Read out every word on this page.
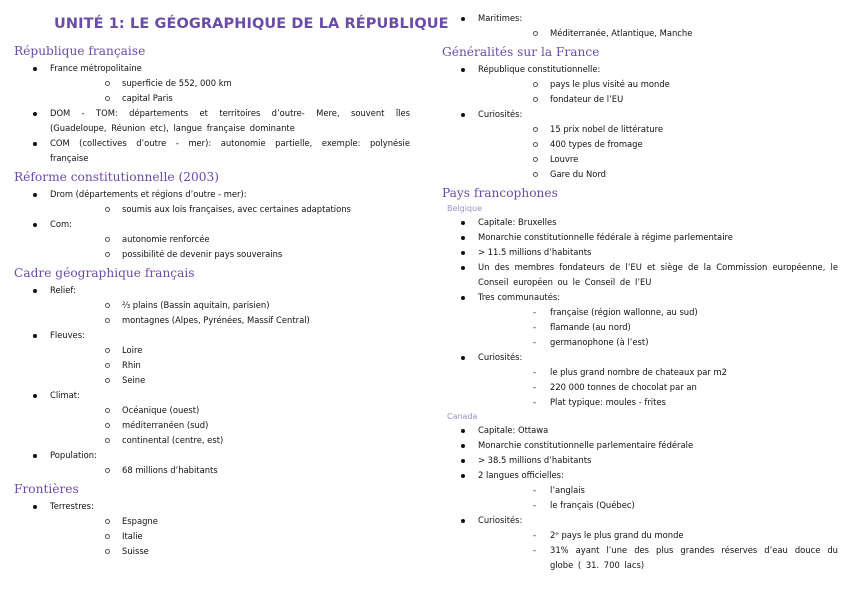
UNITÉ 1: LE GÉOGRAPHIQUE DE LA RÉPUBLIQUE
République française
France métropolitaine
superficie de 552, 000 km
capital Paris
DOM - TOM: départements et territoires d’outre- Mere, souvent îles (Guadeloupe, Réunion etc), langue française dominante
COM (collectives d’outre - mer): autonomie partielle, exemple: polynésie française
Réforme constitutionnelle (2003)
Drom (départements et régions d’outre - mer):
soumis aux lois françaises, avec certaines adaptations
Com:
autonomie renforcée
possibilité de devenir pays souverains
Cadre géographique français
Relief:
⅔ plains (Bassin aquitain, parisien)
montagnes (Alpes, Pyrénées, Massif Central)
Fleuves:
Loire
Rhin
Seine
Climat:
Océanique (ouest)
méditerranéen (sud)
continental (centre, est)
Population:
68 millions d’habitants
Frontières
Terrestres:
Espagne
Italie
Suisse
Maritimes:
Méditerranée, Atlantique, Manche
Généralités sur la France
République constitutionnelle:
pays le plus visité au monde
fondateur de l’EU
Curiosités:
15 prix nobel de littérature
400 types de fromage
Louvre
Gare du Nord
Pays francophones
Belgique
Capitale: Bruxelles
Monarchie constitutionnelle fédérale à régime parlementaire
> 11.5 millions d’habitants
Un des membres fondateurs de l’EU et siège de la Commission européenne, le Conseil européen ou le Conseil de l’EU
Tres communautés:
- française (région wallonne, au sud)
- flamande (au nord)
- germanophone (à l’est)
Curiosités:
- le plus grand nombre de chateaux par m2
- 220 000 tonnes de chocolat par an
- Plat typique: moules - frites
Canada
Capitale: Ottawa
Monarchie constitutionnelle parlementaire fédérale
> 38.5 millions d’habitants
2 langues officielles:
- l’anglais
- le français (Québec)
Curiosités:
- 2ᵉ pays le plus grand du monde
- 31% ayant l’une des plus grandes réserves d’eau douce du globe ( 31. 700 lacs)
